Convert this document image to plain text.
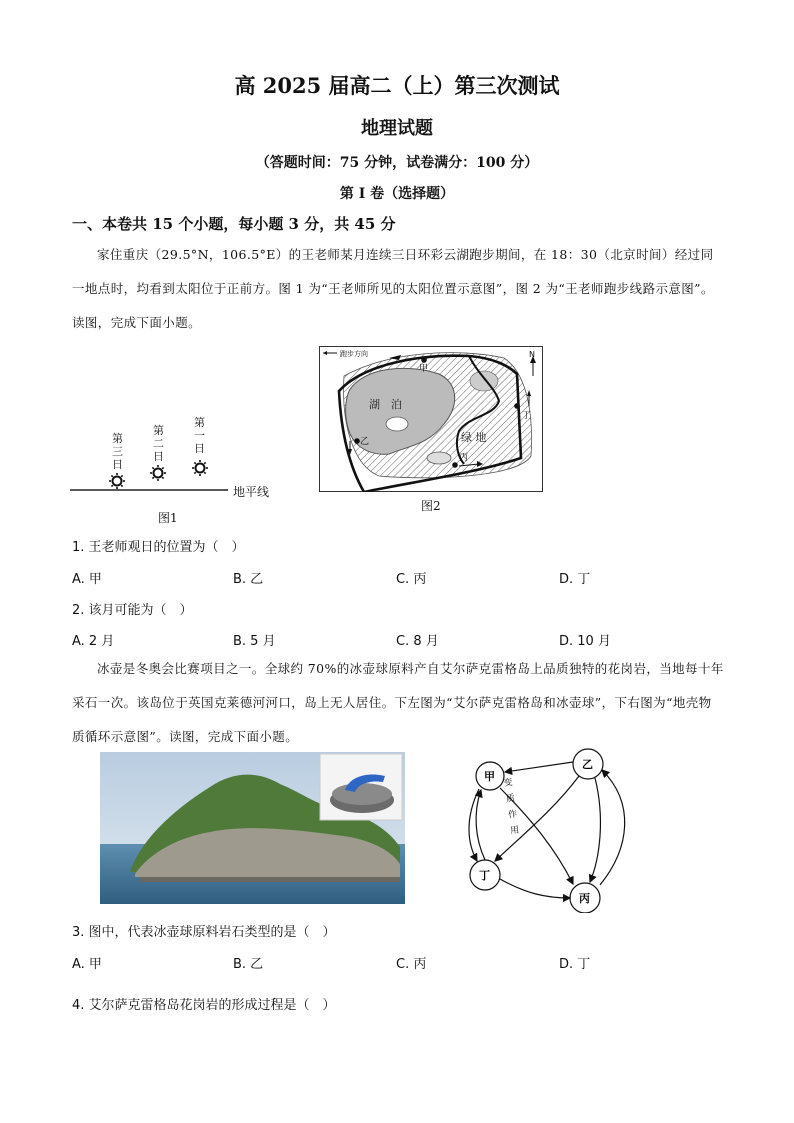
高 2025 届高二（上）第三次测试
地理试题
（答题时间：75 分钟，试卷满分：100 分）
第 I 卷（选择题）
一、本卷共 15 个小题，每小题 3 分，共 45 分
家住重庆（29.5°N，106.5°E）的王老师某月连续三日环彩云湖跑步期间，在 18：30（北京时间）经过同一地点时，均看到太阳位于正前方。图 1 为“王老师所见的太阳位置示意图”，图 2 为“王老师跑步线路示意图”。读图，完成下面小题。
第三日
第二日
第一日
地平线
图1
跑步方向	N
湖　泊
绿 地
甲
乙
丙
丁
图2
1. 王老师观日的位置为（　）
A. 甲	B. 乙	C. 丙	D. 丁
2. 该月可能为（　）
A. 2 月	B. 5 月	C. 8 月	D. 10 月
冰壶是冬奥会比赛项目之一。全球约 70%的冰壶球原料产自艾尔萨克雷格岛上品质独特的花岗岩，当地每十年采石一次。该岛位于英国克莱德河河口，岛上无人居住。下左图为“艾尔萨克雷格岛和冰壶球”，下右图为“地壳物质循环示意图”。读图，完成下面小题。
甲
乙
丁
丙
变质作用
3. 图中，代表冰壶球原料岩石类型的是（　）
A. 甲	B. 乙	C. 丙	D. 丁
4. 艾尔萨克雷格岛花岗岩的形成过程是（　）
